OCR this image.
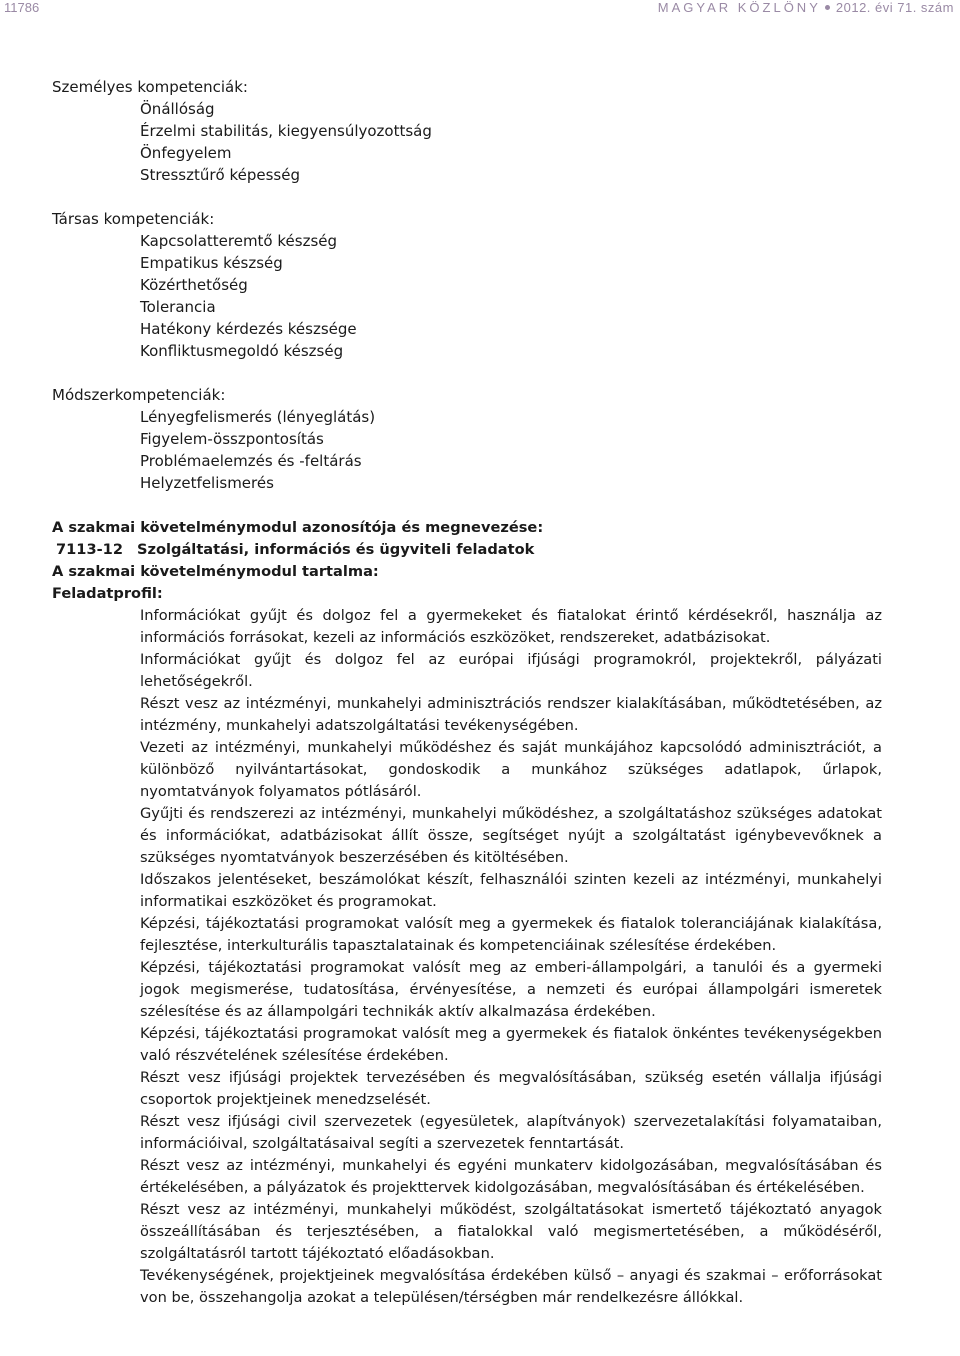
11786	MAGYAR KÖZLÖNY 2012. évi 71. szám

Személyes kompetenciák:

Önállóság
Érzelmi stabilitás, kiegyensúlyozottság
Önfegyelem
Stressztűrő képesség

Társas kompetenciák:

Kapcsolatteremtő készség
Empatikus készség
Közérthetőség
Tolerancia
Hatékony kérdezés készsége
Konfliktusmegoldó készség

Módszerkompetenciák:

Lényegfelismerés (lényeglátás)
Figyelem-összpontosítás
Problémaelemzés és -feltárás
Helyzetfelismerés
A szakmai követelménymodul azonosítója és megnevezése:
7113-12 Szolgáltatási, információs és ügyviteli feladatok
A szakmai követelménymodul tartalma:
Feladatprofil:
Információkat gyűjt és dolgoz fel a gyermekeket és fiatalokat érintő kérdésekről, használja az információs forrásokat, kezeli az információs eszközöket, rendszereket, adatbázisokat.
Információkat gyűjt és dolgoz fel az európai ifjúsági programokról, projektekről, pályázati lehetőségekről.
Részt vesz az intézményi, munkahelyi adminisztrációs rendszer kialakításában, működtetésében, az intézmény, munkahelyi adatszolgáltatási tevékenységében.
Vezeti az intézményi, munkahelyi működéshez és saját munkájához kapcsolódó adminisztrációt, a különböző nyilvántartásokat, gondoskodik a munkához szükséges adatlapok, űrlapok, nyomtatványok folyamatos pótlásáról.
Gyűjti és rendszerezi az intézményi, munkahelyi működéshez, a szolgáltatáshoz szükséges adatokat és információkat, adatbázisokat állít össze, segítséget nyújt a szolgáltatást igénybevevőknek a szükséges nyomtatványok beszerzésében és kitöltésében.
Időszakos jelentéseket, beszámolókat készít, felhasználói szinten kezeli az intézményi, munkahelyi informatikai eszközöket és programokat.
Képzési, tájékoztatási programokat valósít meg a gyermekek és fiatalok toleranciájának kialakítása, fejlesztése, interkulturális tapasztalatainak és kompetenciáinak szélesítése érdekében.
Képzési, tájékoztatási programokat valósít meg az emberi-állampolgári, a tanulói és a gyermeki jogok megismerése, tudatosítása, érvényesítése, a nemzeti és európai állampolgári ismeretek szélesítése és az állampolgári technikák aktív alkalmazása érdekében.
Képzési, tájékoztatási programokat valósít meg a gyermekek és fiatalok önkéntes tevékenységekben való részvételének szélesítése érdekében.
Részt vesz ifjúsági projektek tervezésében és megvalósításában, szükség esetén vállalja ifjúsági csoportok projektjeinek menedzselését.
Részt vesz ifjúsági civil szervezetek (egyesületek, alapítványok) szervezetalakítási folyamataiban, információival, szolgáltatásaival segíti a szervezetek fenntartását.
Részt vesz az intézményi, munkahelyi és egyéni munkaterv kidolgozásában, megvalósításában és értékelésében, a pályázatok és projekttervek kidolgozásában, megvalósításában és értékelésében.
Részt vesz az intézményi, munkahelyi működést, szolgáltatásokat ismertető tájékoztató anyagok összeállításában és terjesztésében, a fiatalokkal való megismertetésében, a működéséről, szolgáltatásról tartott tájékoztató előadásokban.
Tevékenységének, projektjeinek megvalósítása érdekében külső – anyagi és szakmai – erőforrásokat von be, összehangolja azokat a településen/térségben már rendelkezésre állókkal.
